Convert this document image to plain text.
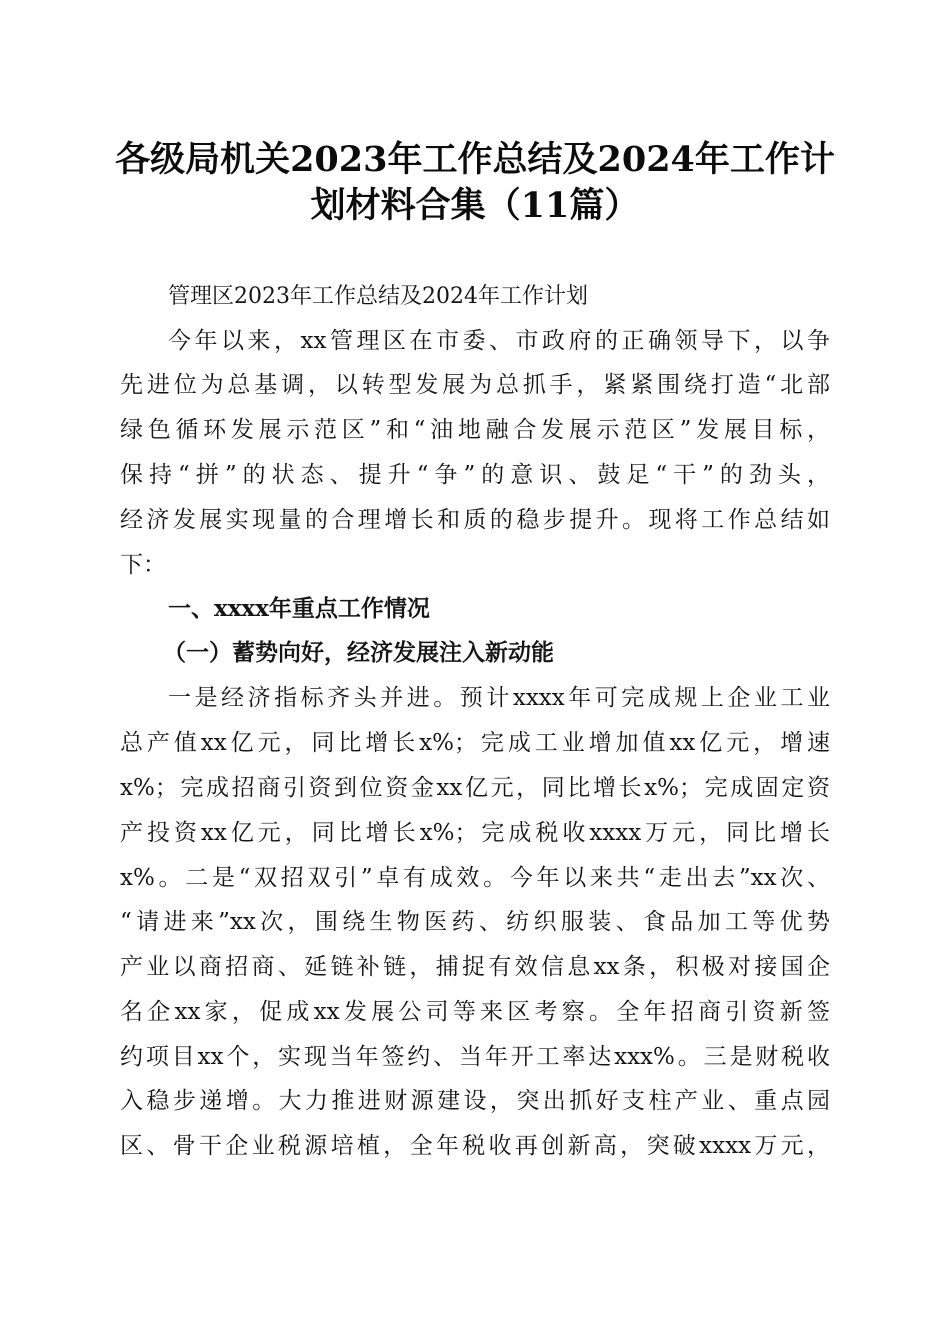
各级局机关2023年工作总结及2024年工作计
划材料合集（11篇）
管理区2023年工作总结及2024年工作计划
今年以来，xx管理区在市委、市政府的正确领导下，以争
先进位为总基调，以转型发展为总抓手，紧紧围绕打造“北部
绿色循环发展示范区”和“油地融合发展示范区”发展目标，
保持“拼”的状态、提升“争”的意识、鼓足“干”的劲头，
经济发展实现量的合理增长和质的稳步提升。现将工作总结如
下：
一、xxxx年重点工作情况
（一）蓄势向好，经济发展注入新动能
一是经济指标齐头并进。预计xxxx年可完成规上企业工业
总产值xx亿元，同比增长x%；完成工业增加值xx亿元，增速
x%；完成招商引资到位资金xx亿元，同比增长x%；完成固定资
产投资xx亿元，同比增长x%；完成税收xxxx万元，同比增长
x%。二是“双招双引”卓有成效。今年以来共“走出去”xx次、
“请进来”xx次，围绕生物医药、纺织服装、食品加工等优势
产业以商招商、延链补链，捕捉有效信息xx条，积极对接国企
名企xx家，促成xx发展公司等来区考察。全年招商引资新签
约项目xx个，实现当年签约、当年开工率达xxx%。三是财税收
入稳步递增。大力推进财源建设，突出抓好支柱产业、重点园
区、骨干企业税源培植，全年税收再创新高，突破xxxx万元，
